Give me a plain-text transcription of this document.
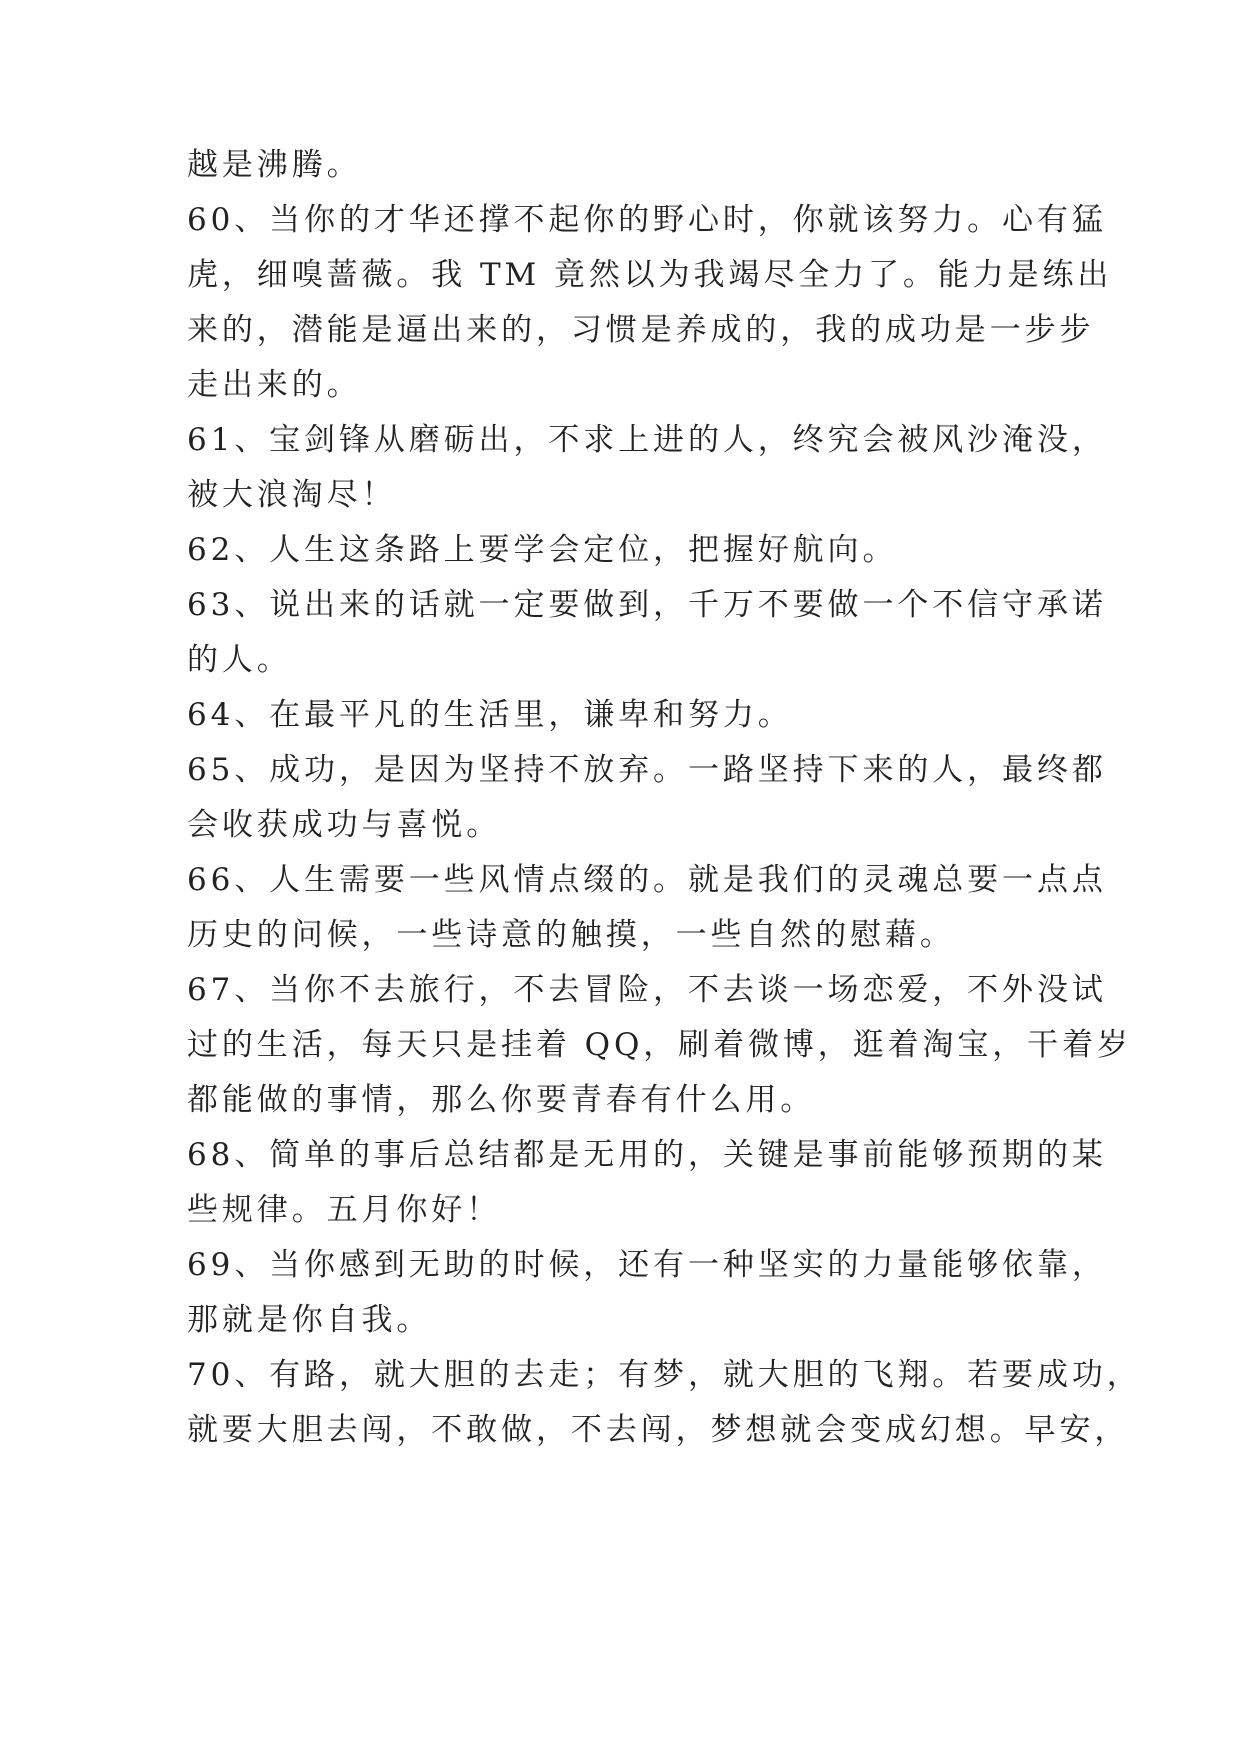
越是沸腾。
60、当你的才华还撑不起你的野心时，你就该努力。心有猛
虎，细嗅蔷薇。我 TM 竟然以为我竭尽全力了。能力是练出
来的，潜能是逼出来的，习惯是养成的，我的成功是一步步
走出来的。
61、宝剑锋从磨砺出，不求上进的人，终究会被风沙淹没，
被大浪淘尽！
62、人生这条路上要学会定位，把握好航向。
63、说出来的话就一定要做到，千万不要做一个不信守承诺
的人。
64、在最平凡的生活里，谦卑和努力。
65、成功，是因为坚持不放弃。一路坚持下来的人，最终都
会收获成功与喜悦。
66、人生需要一些风情点缀的。就是我们的灵魂总要一点点
历史的问候，一些诗意的触摸，一些自然的慰藉。
67、当你不去旅行，不去冒险，不去谈一场恋爱，不外没试
过的生活，每天只是挂着 QQ，刷着微博，逛着淘宝，干着岁
都能做的事情，那么你要青春有什么用。
68、简单的事后总结都是无用的，关键是事前能够预期的某
些规律。五月你好！
69、当你感到无助的时候，还有一种坚实的力量能够依靠，
那就是你自我。
70、有路，就大胆的去走；有梦，就大胆的飞翔。若要成功，
就要大胆去闯，不敢做，不去闯，梦想就会变成幻想。早安，
